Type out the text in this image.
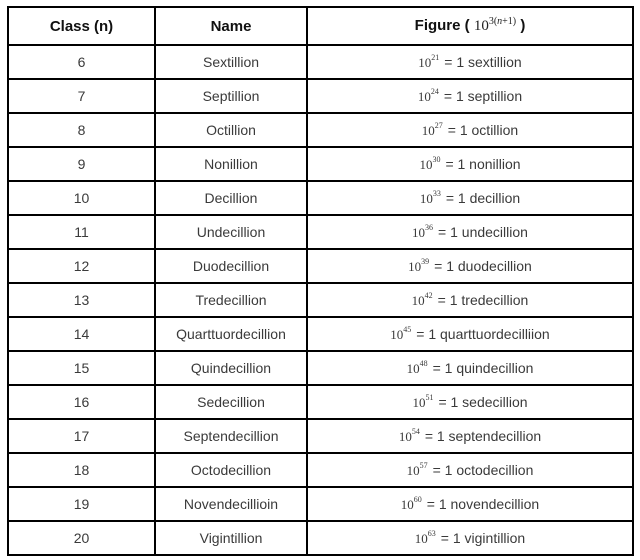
Class (n)	Name	Figure ( $10^{3(n+1)}$ )
6	Sextillion	$10^{21} = 1$ sextillion
7	Septillion	$10^{24} = 1$ septillion
8	Octillion	$10^{27} = 1$ octillion
9	Nonillion	$10^{30} = 1$ nonillion
10	Decillion	$10^{33} = 1$ decillion
11	Undecillion	$10^{36} = 1$ undecillion
12	Duodecillion	$10^{39} = 1$ duodecillion
13	Tredecillion	$10^{42} = 1$ tredecillion
14	Quarttuordecillion	$10^{45} = 1$ quarttuordecilliion
15	Quindecillion	$10^{48} = 1$ quindecillion
16	Sedecillion	$10^{51} = 1$ sedecillion
17	Septendecillion	$10^{54} = 1$ septendecillion
18	Octodecillion	$10^{57} = 1$ octodecillion
19	Novendecillioin	$10^{60} = 1$ novendecillion
20	Vigintillion	$10^{63} = 1$ vigintillion
